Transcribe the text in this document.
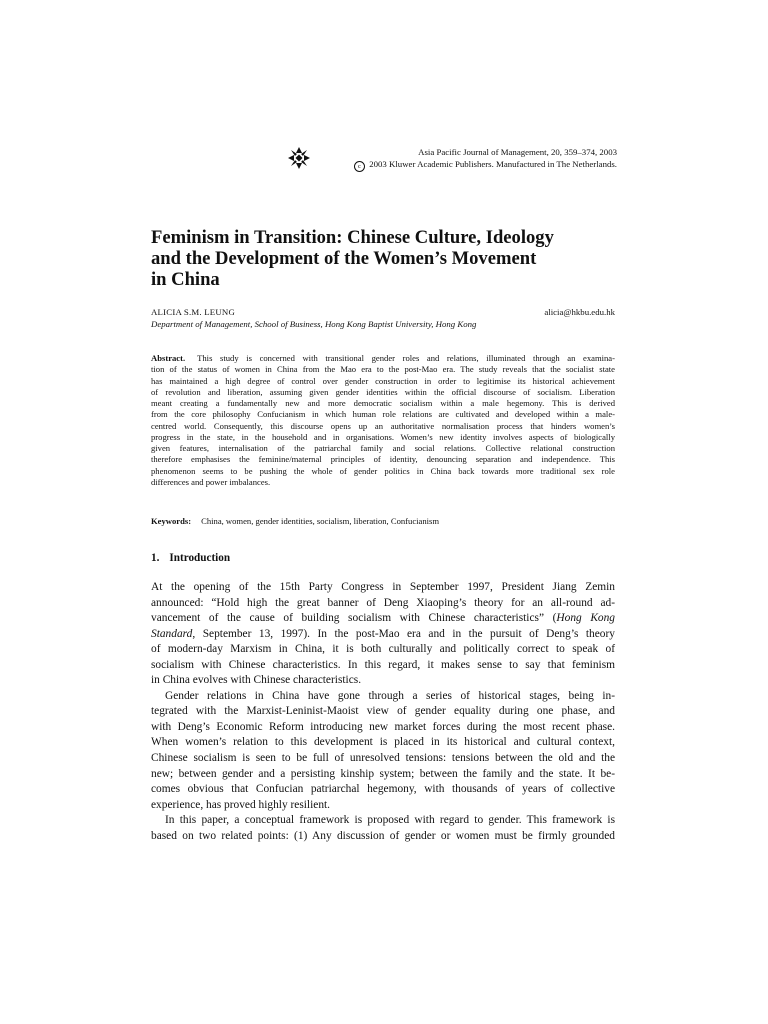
Asia Pacific Journal of Management, 20, 359–374, 2003
c 2003 Kluwer Academic Publishers. Manufactured in The Netherlands.
Feminism in Transition: Chinese Culture, Ideology
and the Development of the Women’s Movement
in China
ALICIA S.M. LEUNG	alicia@hkbu.edu.hk
Department of Management, School of Business, Hong Kong Baptist University, Hong Kong
Abstract. This study is concerned with transitional gender roles and relations, illuminated through an examina-
tion of the status of women in China from the Mao era to the post-Mao era. The study reveals that the socialist state
has maintained a high degree of control over gender construction in order to legitimise its historical achievement
of revolution and liberation, assuming given gender identities within the official discourse of socialism. Liberation
meant creating a fundamentally new and more democratic socialism within a male hegemony. This is derived
from the core philosophy Confucianism in which human role relations are cultivated and developed within a male-
centred world. Consequently, this discourse opens up an authoritative normalisation process that hinders women’s
progress in the state, in the household and in organisations. Women’s new identity involves aspects of biologically
given features, internalisation of the patriarchal family and social relations. Collective relational construction
therefore emphasises the feminine/maternal principles of identity, denouncing separation and independence. This
phenomenon seems to be pushing the whole of gender politics in China back towards more traditional sex role
differences and power imbalances.
Keywords: China, women, gender identities, socialism, liberation, Confucianism
1. Introduction
At the opening of the 15th Party Congress in September 1997, President Jiang Zemin
announced: “Hold high the great banner of Deng Xiaoping’s theory for an all-round ad-
vancement of the cause of building socialism with Chinese characteristics” (Hong Kong
Standard, September 13, 1997). In the post-Mao era and in the pursuit of Deng’s theory
of modern-day Marxism in China, it is both culturally and politically correct to speak of
socialism with Chinese characteristics. In this regard, it makes sense to say that feminism
in China evolves with Chinese characteristics.
Gender relations in China have gone through a series of historical stages, being in-
tegrated with the Marxist-Leninist-Maoist view of gender equality during one phase, and
with Deng’s Economic Reform introducing new market forces during the most recent phase.
When women’s relation to this development is placed in its historical and cultural context,
Chinese socialism is seen to be full of unresolved tensions: tensions between the old and the
new; between gender and a persisting kinship system; between the family and the state. It be-
comes obvious that Confucian patriarchal hegemony, with thousands of years of collective
experience, has proved highly resilient.
In this paper, a conceptual framework is proposed with regard to gender. This framework is
based on two related points: (1) Any discussion of gender or women must be firmly grounded
